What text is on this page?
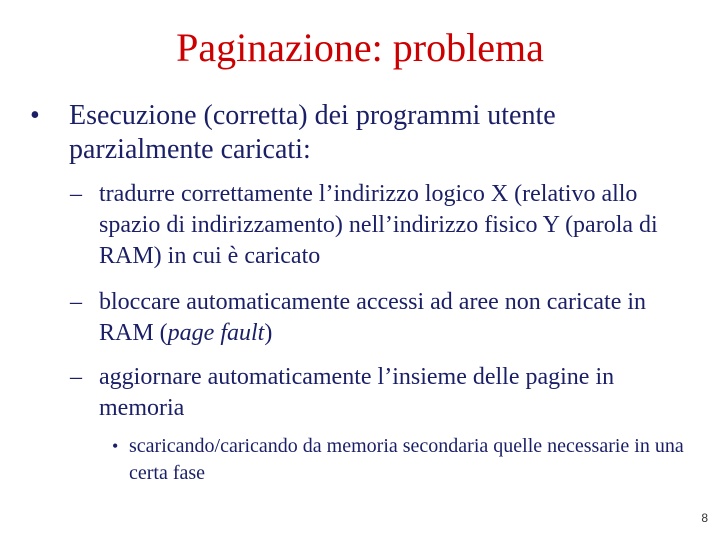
Paginazione: problema
• Esecuzione (corretta) dei programmi utente parzialmente caricati:
– tradurre correttamente l’indirizzo logico X (relativo allo spazio di indirizzamento) nell’indirizzo fisico Y (parola di RAM) in cui è caricato
– bloccare automaticamente accessi ad aree non caricate in RAM (page fault)
– aggiornare automaticamente l’insieme delle pagine in memoria
• scaricando/caricando da memoria secondaria quelle necessarie in una certa fase
8
